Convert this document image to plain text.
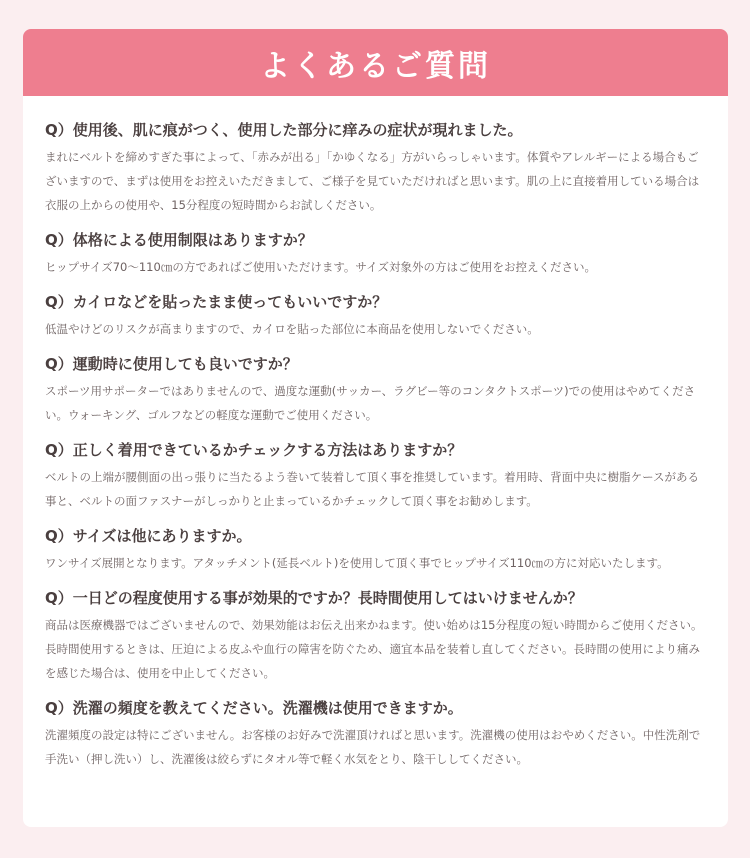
よくあるご質問

Q）使用後、肌に痕がつく、使用した部分に痒みの症状が現れました。

まれにベルトを締めすぎた事によって、「赤みが出る」「かゆくなる」方がいらっしゃいます。体質やアレルギーによる場合もございますので、まずは使用をお控えいただきまして、ご様子を見ていただければと思います。肌の上に直接着用している場合は衣服の上からの使用や、15分程度の短時間からお試しください。

Q）体格による使用制限はありますか？

ヒップサイズ70〜110㎝の方であればご使用いただけます。サイズ対象外の方はご使用をお控えください。

Q）カイロなどを貼ったまま使ってもいいですか？

低温やけどのリスクが高まりますので、カイロを貼った部位に本商品を使用しないでください。

Q）運動時に使用しても良いですか？

スポーツ用サポーターではありませんので、過度な運動(サッカー、ラグビー等のコンタクトスポーツ)での使用はやめてください。ウォーキング、ゴルフなどの軽度な運動でご使用ください。

Q）正しく着用できているかチェックする方法はありますか？

ベルトの上端が腰側面の出っ張りに当たるよう巻いて装着して頂く事を推奨しています。着用時、背面中央に樹脂ケースがある事と、ベルトの面ファスナーがしっかりと止まっているかチェックして頂く事をお勧めします。

Q）サイズは他にありますか。

ワンサイズ展開となります。アタッチメント(延長ベルト)を使用して頂く事でヒップサイズ110㎝の方に対応いたします。

Q）一日どの程度使用する事が効果的ですか？長時間使用してはいけませんか？

商品は医療機器ではございませんので、効果効能はお伝え出来かねます。使い始めは15分程度の短い時間からご使用ください。長時間使用するときは、圧迫による皮ふや血行の障害を防ぐため、適宜本品を装着し直してください。長時間の使用により痛みを感じた場合は、使用を中止してください。

Q）洗濯の頻度を教えてください。洗濯機は使用できますか。

洗濯頻度の設定は特にございません。お客様のお好みで洗濯頂ければと思います。洗濯機の使用はおやめください。中性洗剤で手洗い（押し洗い）し、洗濯後は絞らずにタオル等で軽く水気をとり、陰干ししてください。
